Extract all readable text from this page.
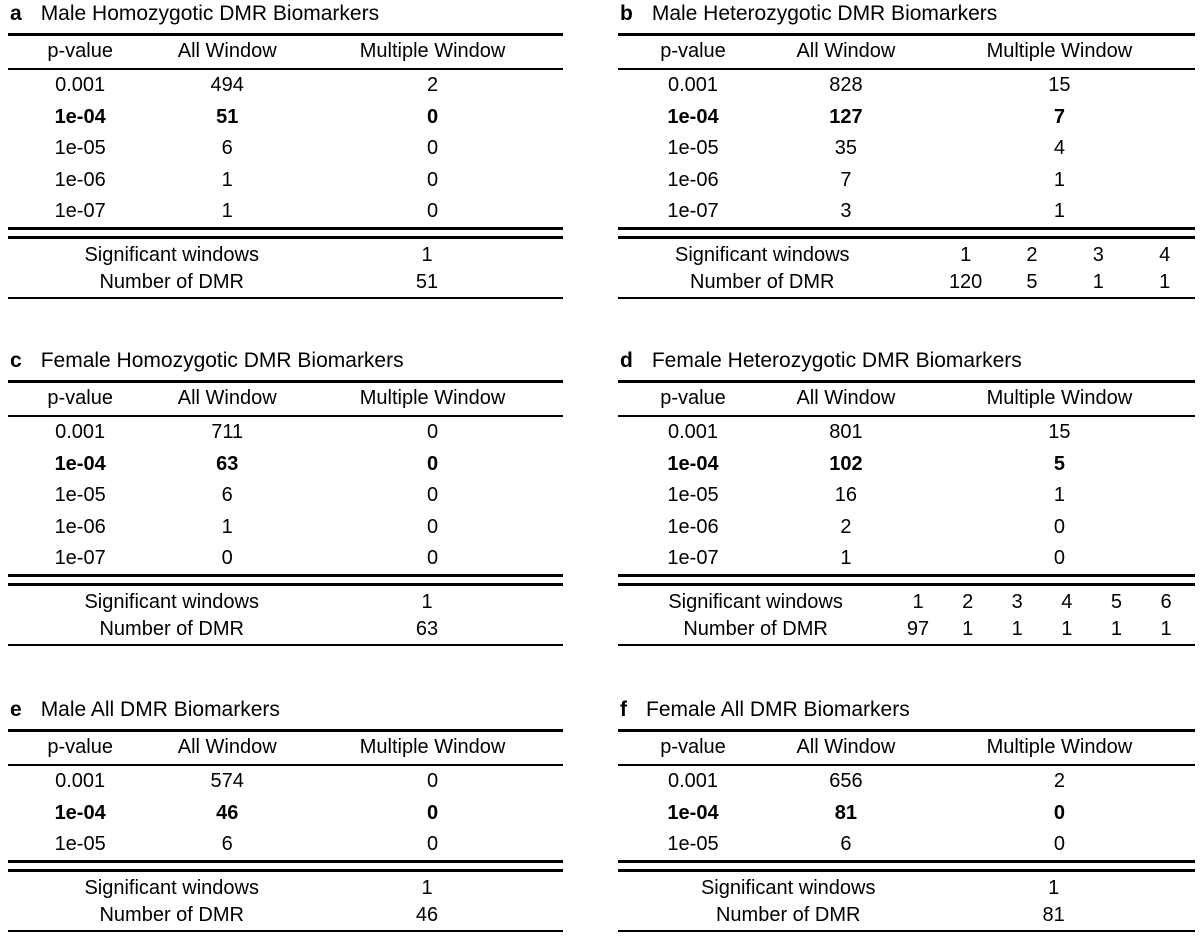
a Male Homozygotic DMR Biomarkers
p-value	All Window	Multiple Window
0.001	494	2
1e-04	51	0
1e-05	6	0
1e-06	1	0
1e-07	1	0
Significant windows	1
Number of DMR	51
b Male Heterozygotic DMR Biomarkers
p-value	All Window	Multiple Window
0.001	828	15
1e-04	127	7
1e-05	35	4
1e-06	7	1
1e-07	3	1
Significant windows	1	2	3	4
Number of DMR	120	5	1	1
c Female Homozygotic DMR Biomarkers
p-value	All Window	Multiple Window
0.001	711	0
1e-04	63	0
1e-05	6	0
1e-06	1	0
1e-07	0	0
Significant windows	1
Number of DMR	63
d Female Heterozygotic DMR Biomarkers
p-value	All Window	Multiple Window
0.001	801	15
1e-04	102	5
1e-05	16	1
1e-06	2	0
1e-07	1	0
Significant windows	1	2	3	4	5	6
Number of DMR	97	1	1	1	1	1
e Male All DMR Biomarkers
p-value	All Window	Multiple Window
0.001	574	0
1e-04	46	0
1e-05	6	0
Significant windows	1
Number of DMR	46
f Female All DMR Biomarkers
p-value	All Window	Multiple Window
0.001	656	2
1e-04	81	0
1e-05	6	0
Significant windows	1
Number of DMR	81
